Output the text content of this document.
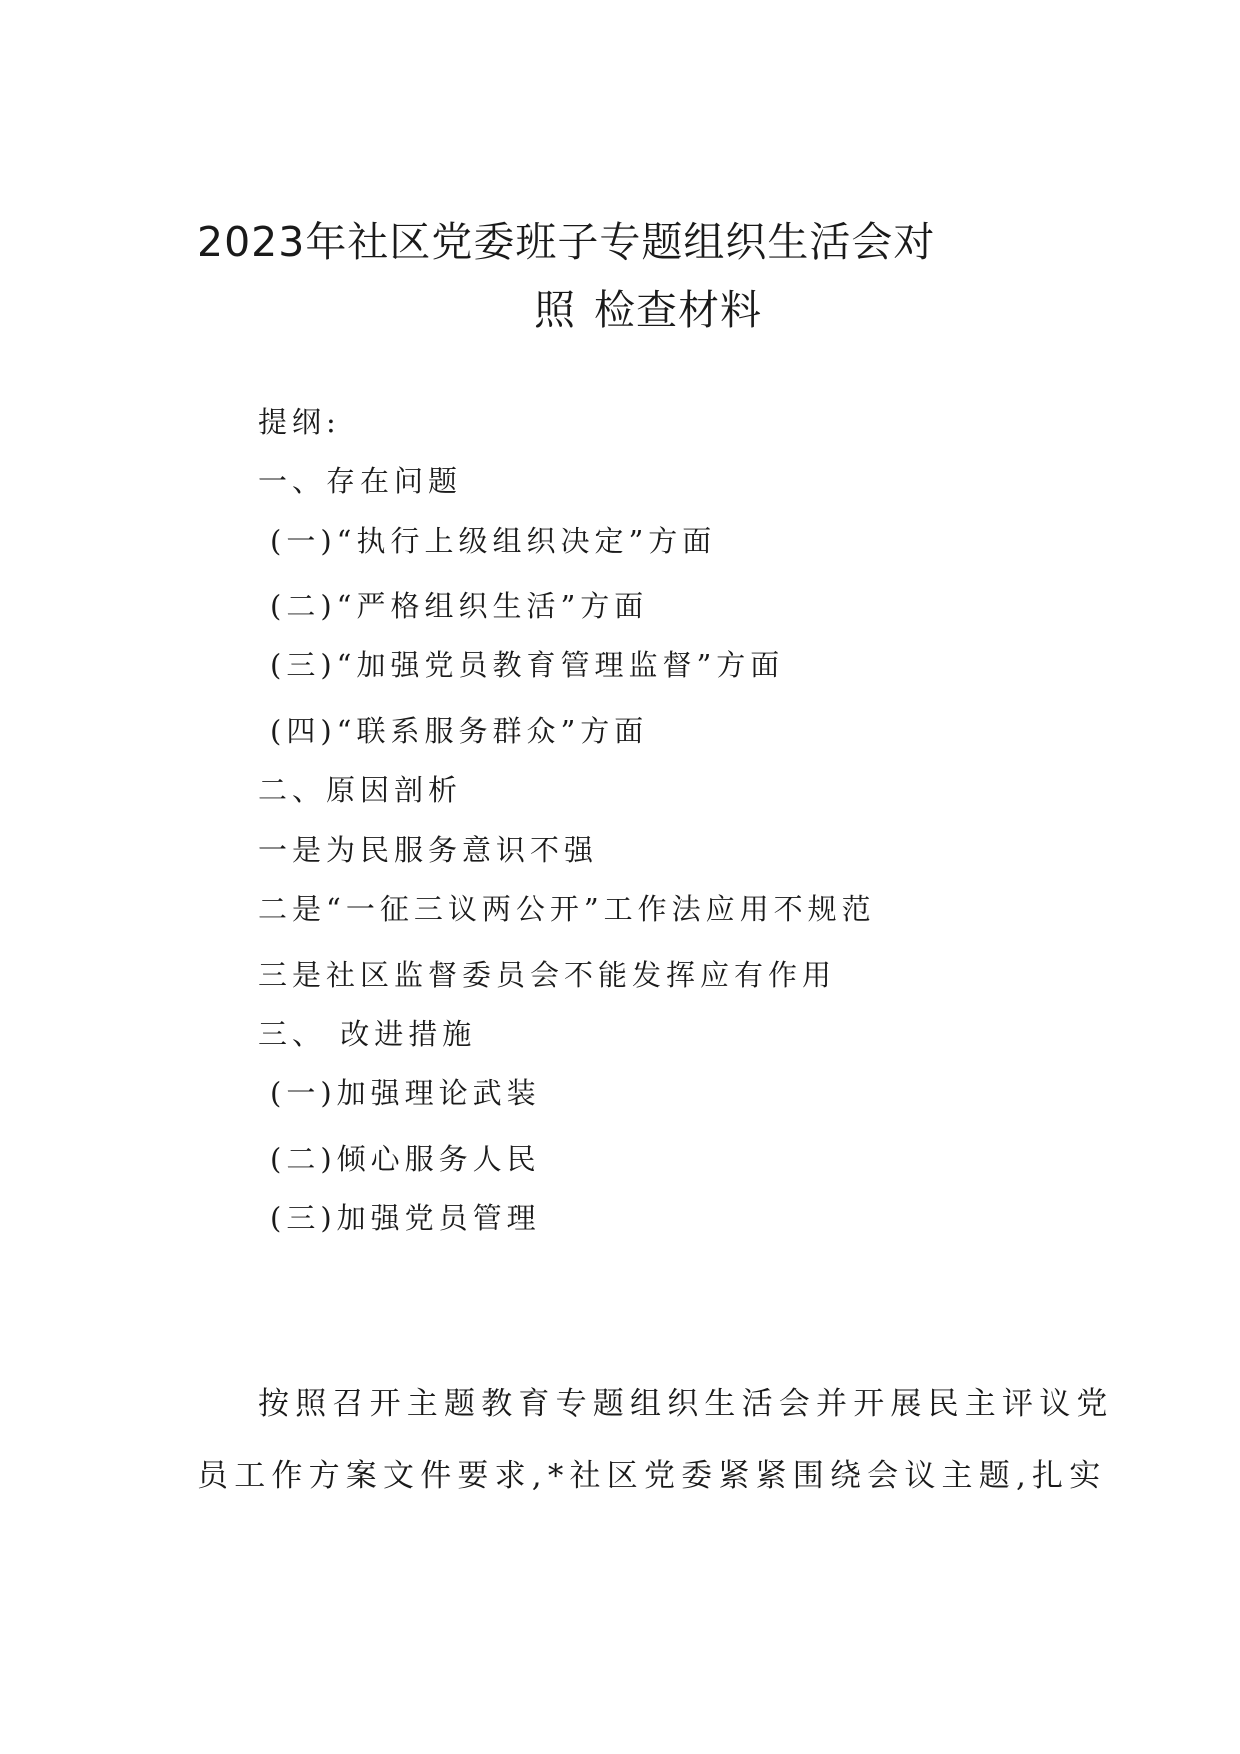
2023年社区党委班子专题组织生活会对
照 检查材料
提纲:
一、存在问题
(一)“执行上级组织决定”方面
(二)“严格组织生活”方面
(三)“加强党员教育管理监督”方面
(四)“联系服务群众”方面
二、原因剖析
一是为民服务意识不强
二是“一征三议两公开”工作法应用不规范
三是社区监督委员会不能发挥应有作用
三、 改进措施
(一)加强理论武装
(二)倾心服务人民
(三)加强党员管理
按照召开主题教育专题组织生活会并开展民主评议党
员工作方案文件要求,*社区党委紧紧围绕会议主题,扎实
